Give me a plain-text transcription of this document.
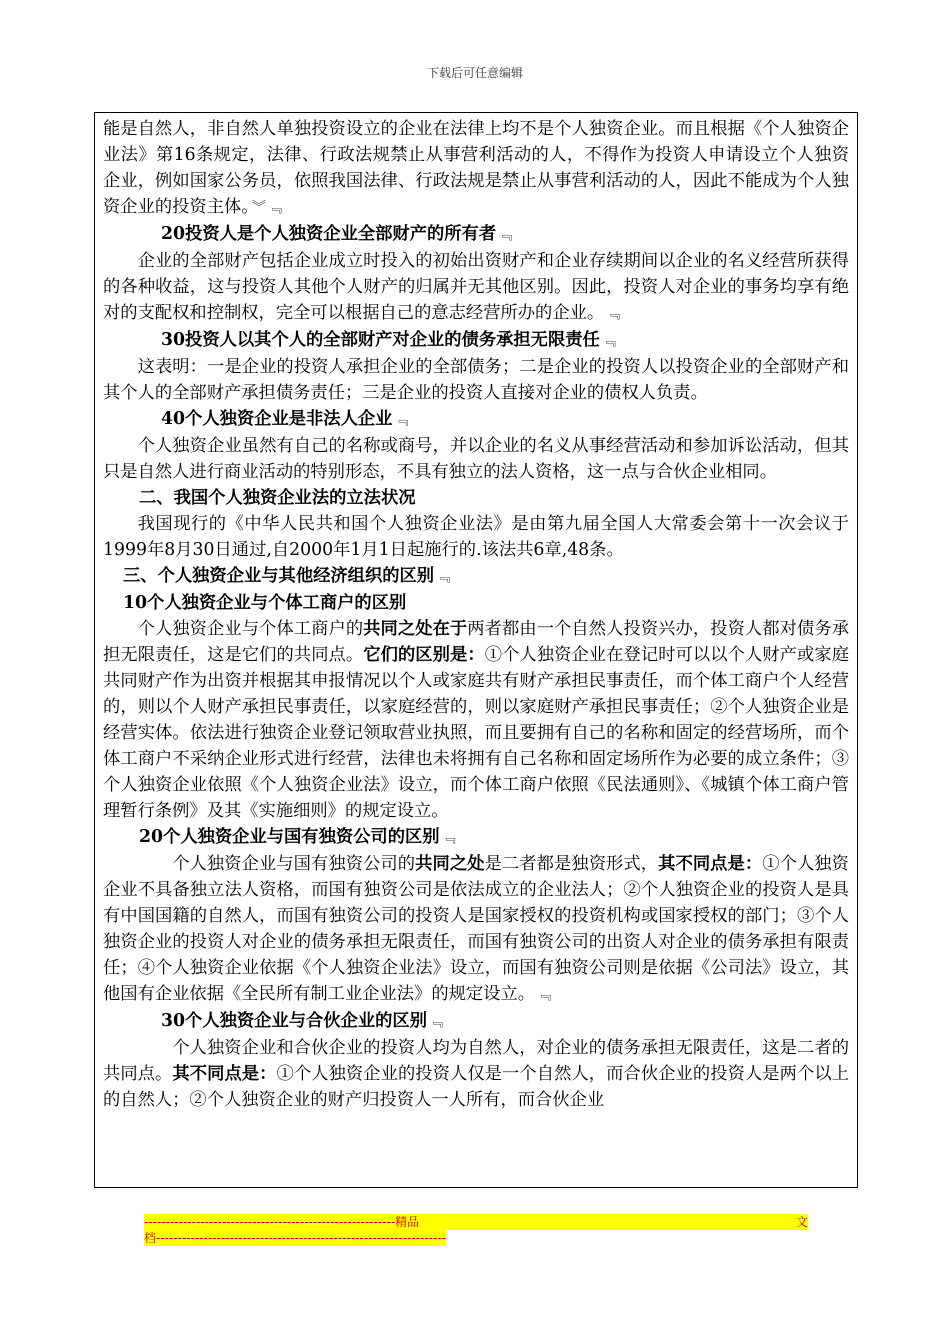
下载后可任意编辑

能是自然人，非自然人单独投资设立的企业在法律上均不是个人独资企业。而且根据《个人独资企业法》第16条规定，法律、行政法规禁止从事营利活动的人，不得作为投资人申请设立个人独资企业，例如国家公务员，依照我国法律、行政法规是禁止从事营利活动的人，因此不能成为个人独资企业的投资主体。 ︾ ﹃

20投资人是个人独资企业全部财产的所有者 ﹃

企业的全部财产包括企业成立时投入的初始出资财产和企业存续期间以企业的名义经营所获得的各种收益，这与投资人其他个人财产的归属并无其他区别。因此，投资人对企业的事务均享有绝对的支配权和控制权，完全可以根据自己的意志经营所办的企业。 ﹃

30投资人以其个人的全部财产对企业的债务承担无限责任 ﹃

这表明：一是企业的投资人承担企业的全部债务；二是企业的投资人以投资企业的全部财产和其个人的全部财产承担债务责任；三是企业的投资人直接对企业的债权人负责。

40个人独资企业是非法人企业 ﹃

个人独资企业虽然有自己的名称或商号，并以企业的名义从事经营活动和参加诉讼活动，但其只是自然人进行商业活动的特别形态，不具有独立的法人资格，这一点与合伙企业相同。

二、我国个人独资企业法的立法状况

我国现行的《中华人民共和国个人独资企业法》是由第九届全国人大常委会第十一次会议于1999年8月30日通过,自2000年1月1日起施行的.该法共6章,48条。

三、个人独资企业与其他经济组织的区别 ﹃

10个人独资企业与个体工商户的区别

个人独资企业与个体工商户的共同之处在于两者都由一个自然人投资兴办，投资人都对债务承担无限责任，这是它们的共同点。它们的区别是：①个人独资企业在登记时可以以个人财产或家庭共同财产作为出资并根据其申报情况以个人或家庭共有财产承担民事责任，而个体工商户个人经营的，则以个人财产承担民事责任，以家庭经营的，则以家庭财产承担民事责任；②个人独资企业是经营实体。依法进行独资企业登记领取营业执照，而且要拥有自己的名称和固定的经营场所，而个体工商户不采纳企业形式进行经营，法律也未将拥有自己名称和固定场所作为必要的成立条件；③个人独资企业依照《个人独资企业法》设立，而个体工商户依照《民法通则》、《城镇个体工商户管理暂行条例》及其《实施细则》的规定设立。

20个人独资企业与国有独资公司的区别 ﹃

个人独资企业与国有独资公司的共同之处是二者都是独资形式，其不同点是：①个人独资企业不具备独立法人资格，而国有独资公司是依法成立的企业法人；②个人独资企业的投资人是具有中国国籍的自然人，而国有独资公司的投资人是国家授权的投资机构或国家授权的部门；③个人独资企业的投资人对企业的债务承担无限责任，而国有独资公司的出资人对企业的债务承担有限责任；④个人独资企业依据《个人独资企业法》设立，而国有独资公司则是依据《公司法》设立，其他国有企业依据《全民所有制工业企业法》的规定设立。 ﹃

30个人独资企业与合伙企业的区别 ﹃

个人独资企业和合伙企业的投资人均为自然人，对企业的债务承担无限责任，这是二者的共同点。其不同点是：①个人独资企业的投资人仅是一个自然人，而合伙企业的投资人是两个以上的自然人；②个人独资企业的财产归投资人一人所有，而合伙企业

---------------------------------------------------------- 精 品	文
档-------------------------------------------------------------------
